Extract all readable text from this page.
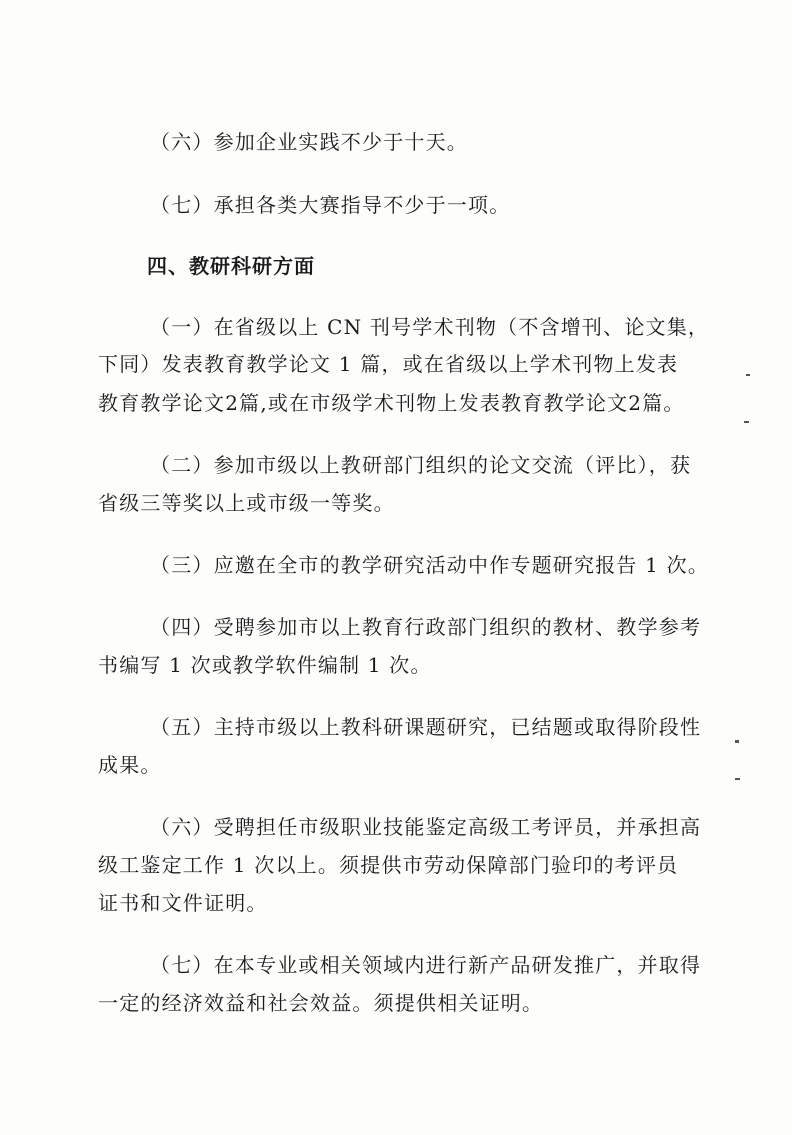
（六）参加企业实践不少于十天。
（七）承担各类大赛指导不少于一项。
四、教研科研方面
（一）在省级以上 CN 刊号学术刊物（不含增刊、论文集，
下同）发表教育教学论文 1 篇，或在省级以上学术刊物上发表
教育教学论文2篇,或在市级学术刊物上发表教育教学论文2篇。
（二）参加市级以上教研部门组织的论文交流（评比），获
省级三等奖以上或市级一等奖。
（三）应邀在全市的教学研究活动中作专题研究报告 1 次。
（四）受聘参加市以上教育行政部门组织的教材、教学参考
书编写 1 次或教学软件编制 1 次。
（五）主持市级以上教科研课题研究，已结题或取得阶段性
成果。
（六）受聘担任市级职业技能鉴定高级工考评员，并承担高
级工鉴定工作 1 次以上。须提供市劳动保障部门验印的考评员
证书和文件证明。
（七）在本专业或相关领域内进行新产品研发推广，并取得
一定的经济效益和社会效益。须提供相关证明。
